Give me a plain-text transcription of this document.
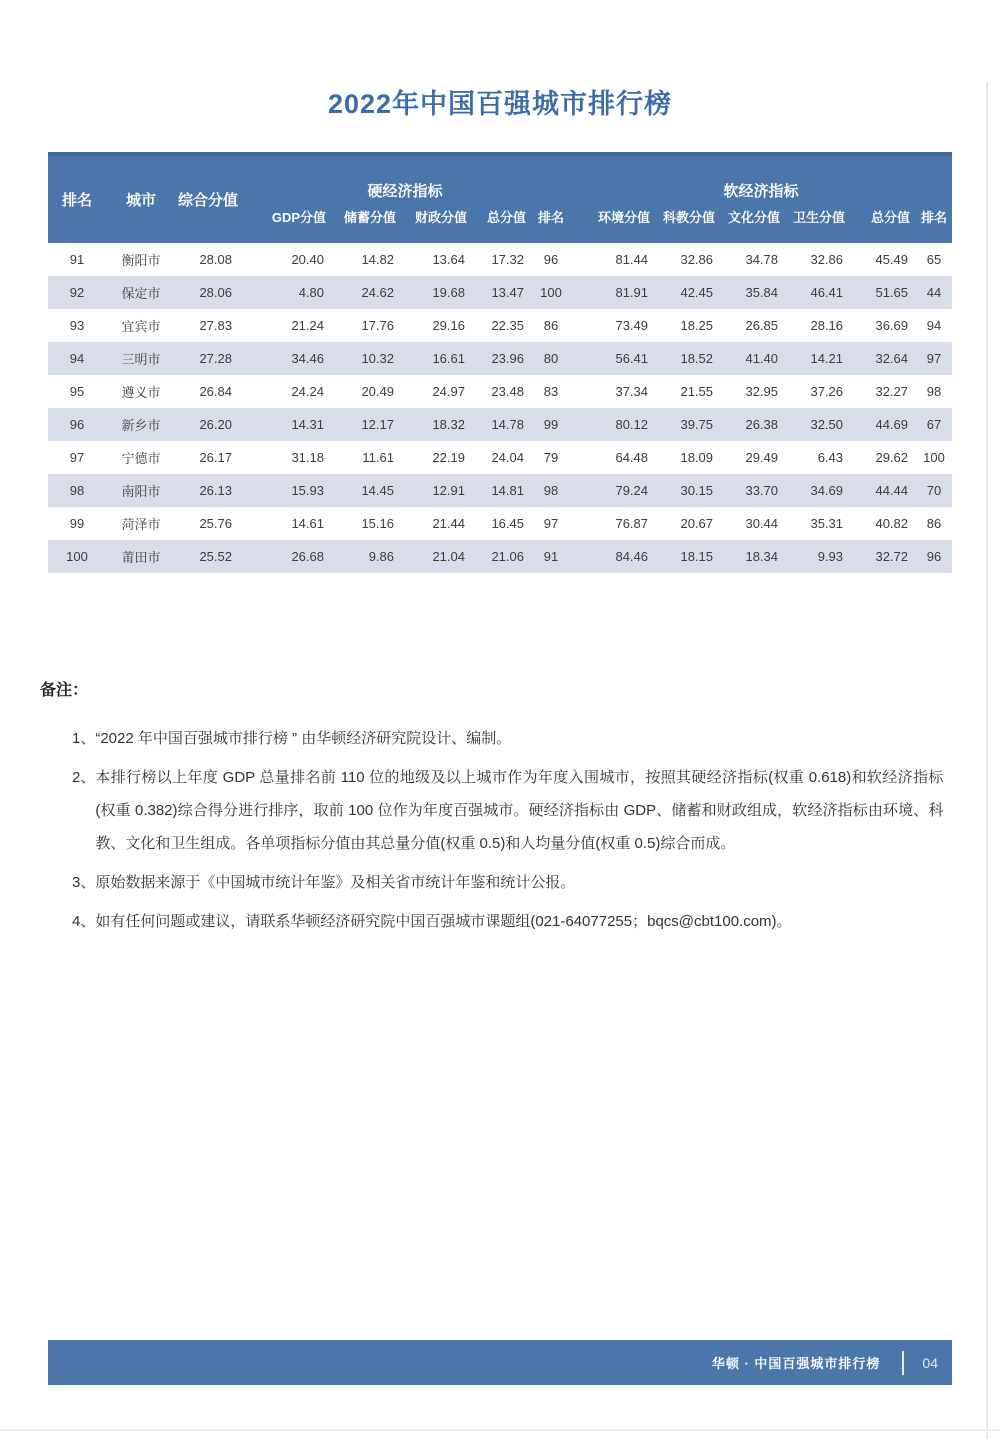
2022年中国百强城市排行榜
排名	城市	综合分值	硬经济指标					软经济指标					
			GDP分值	储蓄分值	财政分值	总分值	排名	环境分值	科教分值	文化分值	卫生分值	总分值	排名
91	衡阳市	28.08	20.40	14.82	13.64	17.32	96	81.44	32.86	34.78	32.86	45.49	65
92	保定市	28.06	4.80	24.62	19.68	13.47	100	81.91	42.45	35.84	46.41	51.65	44
93	宜宾市	27.83	21.24	17.76	29.16	22.35	86	73.49	18.25	26.85	28.16	36.69	94
94	三明市	27.28	34.46	10.32	16.61	23.96	80	56.41	18.52	41.40	14.21	32.64	97
95	遵义市	26.84	24.24	20.49	24.97	23.48	83	37.34	21.55	32.95	37.26	32.27	98
96	新乡市	26.20	14.31	12.17	18.32	14.78	99	80.12	39.75	26.38	32.50	44.69	67
97	宁德市	26.17	31.18	11.61	22.19	24.04	79	64.48	18.09	29.49	6.43	29.62	100
98	南阳市	26.13	15.93	14.45	12.91	14.81	98	79.24	30.15	33.70	34.69	44.44	70
99	菏泽市	25.76	14.61	15.16	21.44	16.45	97	76.87	20.67	30.44	35.31	40.82	86
100	莆田市	25.52	26.68	9.86	21.04	21.06	91	84.46	18.15	18.34	9.93	32.72	96
备注：
1、 “2022 年中国百强城市排行榜 ” 由华顿经济研究院设计、编制。
2、 本排行榜以上年度 GDP 总量排名前 110 位的地级及以上城市作为年度入围城市，按照其硬经济指标(权重 0.618)和软经济指标(权重 0.382)综合得分进行排序，取前 100 位作为年度百强城市。硬经济指标由 GDP、储蓄和财政组成，软经济指标由环境、科教、文化和卫生组成。各单项指标分值由其总量分值(权重 0.5)和人均量分值(权重 0.5)综合而成。
3、 原始数据来源于《中国城市统计年鉴》及相关省市统计年鉴和统计公报。
4、 如有任何问题或建议，请联系华顿经济研究院中国百强城市课题组(021-64077255；bqcs@cbt100.com)。
华顿 · 中国百强城市排行榜	04
